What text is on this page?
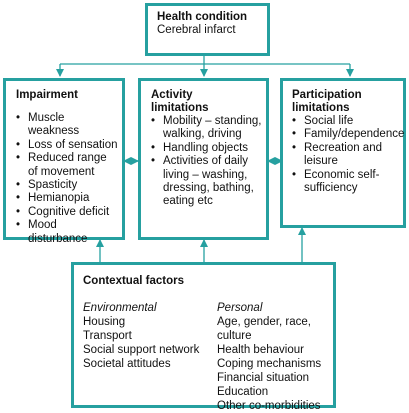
Health condition
Cerebral infarct
Impairment
• Muscle weakness
• Loss of sensation
• Reduced range of movement
• Spasticity
• Hemianopia
• Cognitive deficit
• Mood disturbance
Activity
limitations
• Mobility – standing, walking, driving
• Handling objects
• Activities of daily living – washing, dressing, bathing, eating etc
Participation
limitations
• Social life
• Family/dependence
• Recreation and leisure
• Economic self-sufficiency
Contextual factors
Environmental
Housing
Transport
Social support network
Societal attitudes
Personal
Age, gender, race, culture
Health behaviour
Coping mechanisms
Financial situation
Education
Other co-morbidities
